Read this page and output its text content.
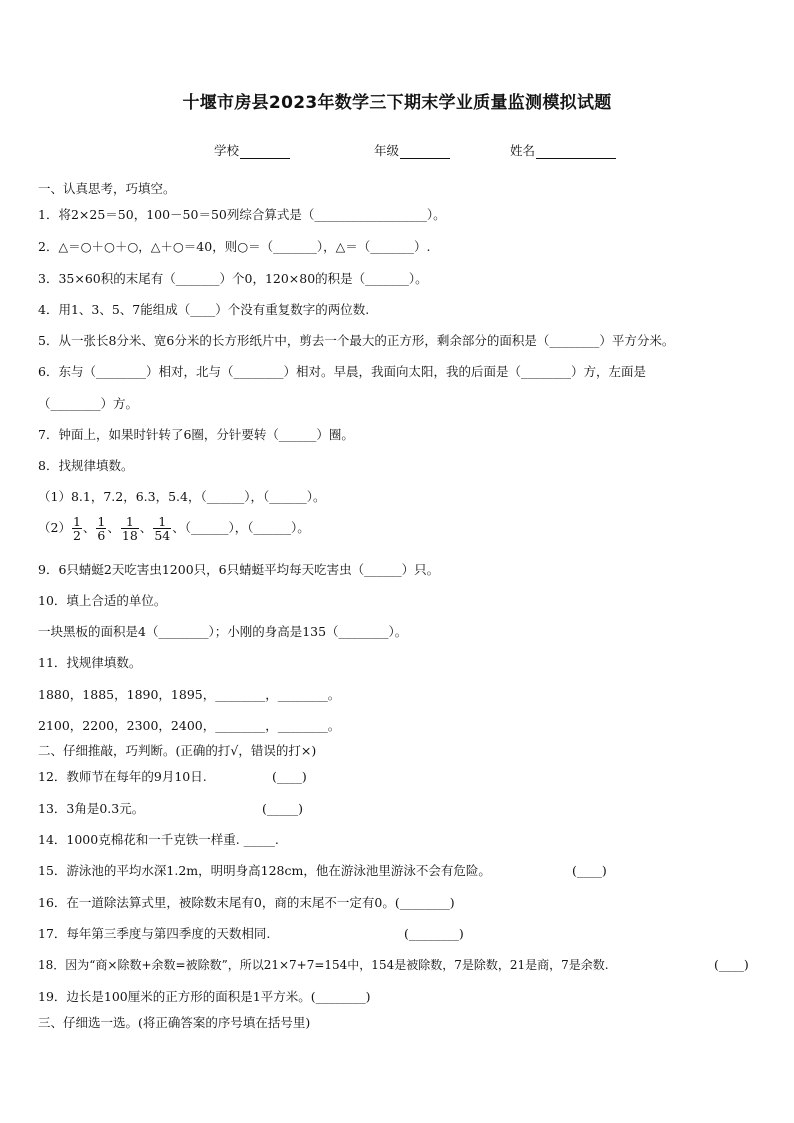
十堰市房县2023年数学三下期末学业质量监测模拟试题
学校	年级	姓名
一、认真思考，巧填空。
1．将2×25＝50，100－50＝50列综合算式是（__________________）。
2．△＝○＋○＋○，△＋○＝40，则○＝（_______），△＝（_______）.
3．35×60积的末尾有（_______）个0，120×80的积是（_______）。
4．用1、3、5、7能组成（____）个没有重复数字的两位数.
5．从一张长8分米、宽6分米的长方形纸片中，剪去一个最大的正方形，剩余部分的面积是（________）平方分米。
6．东与（________）相对，北与（________）相对。早晨，我面向太阳，我的后面是（________）方，左面是
（________）方。
7．钟面上，如果时针转了6圈，分针要转（______）圈。
8．找规律填数。
（1）8.1，7.2，6.3，5.4，（______），（______）。
$(2) \frac{1}{2}$ 、 $\frac{1}{6}$ 、 $\frac{1}{18}$ 、 $\frac{1}{54}$ 、（______），（______）。
9．6只蜻蜓2天吃害虫1200只，6只蜻蜓平均每天吃害虫（______）只。
10．填上合适的单位。
一块黑板的面积是4（________）；小刚的身高是135（________）。
11．找规律填数。
1880，1885，1890，1895，________，________。
2100，2200，2300，2400，________，________。
二、仔细推敲，巧判断。(正确的打√，错误的打×)
12．教师节在每年的9月10日.	(____)
13．3角是0.3元。	(_____)
14．1000克棉花和一千克铁一样重. _____.
15．游泳池的平均水深1.2m，明明身高128cm，他在游泳池里游泳不会有危险。	(____)
16．在一道除法算式里，被除数末尾有0，商的末尾不一定有0。(________)
17．每年第三季度与第四季度的天数相同.	(________)
18．因为“商×除数+余数=被除数”，所以21×7+7=154中，154是被除数，7是除数，21是商，7是余数.	(____)
19．边长是100厘米的正方形的面积是1平方米。(________)
三、仔细选一选。(将正确答案的序号填在括号里)
